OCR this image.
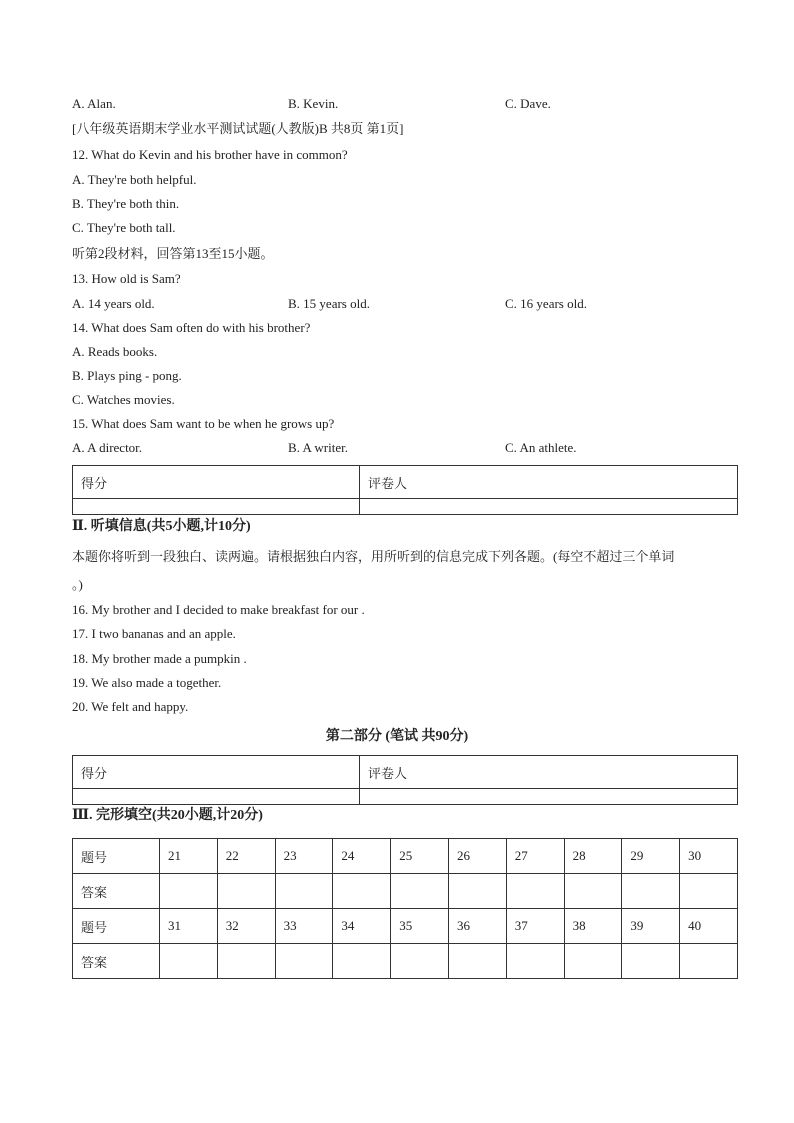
A. Alan.	B. Kevin.	C. Dave.
[八年级英语期末学业水平测试试题(人教版)B 共8页 第1页]
12. What do Kevin and his brother have in common?
A. They're both helpful.
B. They're both thin.
C. They're both tall.
听第2段材料，回答第13至15小题。
13. How old is Sam?
A. 14 years old.	B. 15 years old.	C. 16 years old.
14. What does Sam often do with his brother?
A. Reads books.
B. Plays ping - pong.
C. Watches movies.
15. What does Sam want to be when he grows up?
A. A director.	B. A writer.	C. An athlete.
得分	评卷人

Ⅱ. 听填信息(共5小题,计10分)
本题你将听到一段独白、读两遍。请根据独白内容，用所听到的信息完成下列各题。(每空不超过三个单词
。)
16. My brother and I decided to make breakfast for our .
17. I two bananas and an apple.
18. My brother made a pumpkin .
19. We also made a together.
20. We felt and happy.
第二部分 (笔试 共90分)
得分	评卷人

Ⅲ. 完形填空(共20小题,计20分)
题号	21	22	23	24	25	26	27	28	29	30
答案										
题号	31	32	33	34	35	36	37	38	39	40
答案										
